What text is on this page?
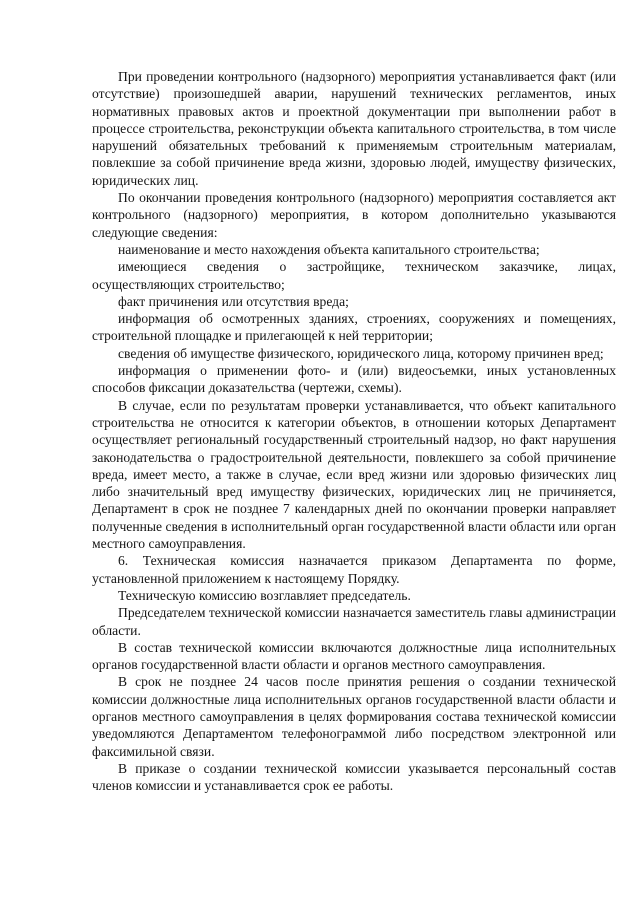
При проведении контрольного (надзорного) мероприятия устанавливается факт (или отсутствие) произошедшей аварии, нарушений технических регламентов, иных нормативных правовых актов и проектной документации при выполнении работ в процессе строительства, реконструкции объекта капитального строительства, в том числе нарушений обязательных требований к применяемым строительным материалам, повлекшие за собой причинение вреда жизни, здоровью людей, имуществу физических, юридических лиц.

По окончании проведения контрольного (надзорного) мероприятия составляется акт контрольного (надзорного) мероприятия, в котором дополнительно указываются следующие сведения:

наименование и место нахождения объекта капитального строительства;

имеющиеся сведения о застройщике, техническом заказчике, лицах, осуществляющих строительство;

факт причинения или отсутствия вреда;

информация об осмотренных зданиях, строениях, сооружениях и помещениях, строительной площадке и прилегающей к ней территории;

сведения об имуществе физического, юридического лица, которому причинен вред;

информация о применении фото- и (или) видеосъемки, иных установленных способов фиксации доказательства (чертежи, схемы).

В случае, если по результатам проверки устанавливается, что объект капитального строительства не относится к категории объектов, в отношении которых Департамент осуществляет региональный государственный строительный надзор, но факт нарушения законодательства о градостроительной деятельности, повлекшего за собой причинение вреда, имеет место, а также в случае, если вред жизни или здоровью физических лиц либо значительный вред имуществу физических, юридических лиц не причиняется, Департамент в срок не позднее 7 календарных дней по окончании проверки направляет полученные сведения в исполнительный орган государственной власти области или орган местного самоуправления.

6. Техническая комиссия назначается приказом Департамента по форме, установленной приложением к настоящему Порядку.

Техническую комиссию возглавляет председатель.

Председателем технической комиссии назначается заместитель главы администрации области.

В состав технической комиссии включаются должностные лица исполнительных органов государственной власти области и органов местного самоуправления.

В срок не позднее 24 часов после принятия решения о создании технической комиссии должностные лица исполнительных органов государственной власти области и органов местного самоуправления в целях формирования состава технической комиссии уведомляются Департаментом телефонограммой либо посредством электронной или факсимильной связи.

В приказе о создании технической комиссии указывается персональный состав членов комиссии и устанавливается срок ее работы.
